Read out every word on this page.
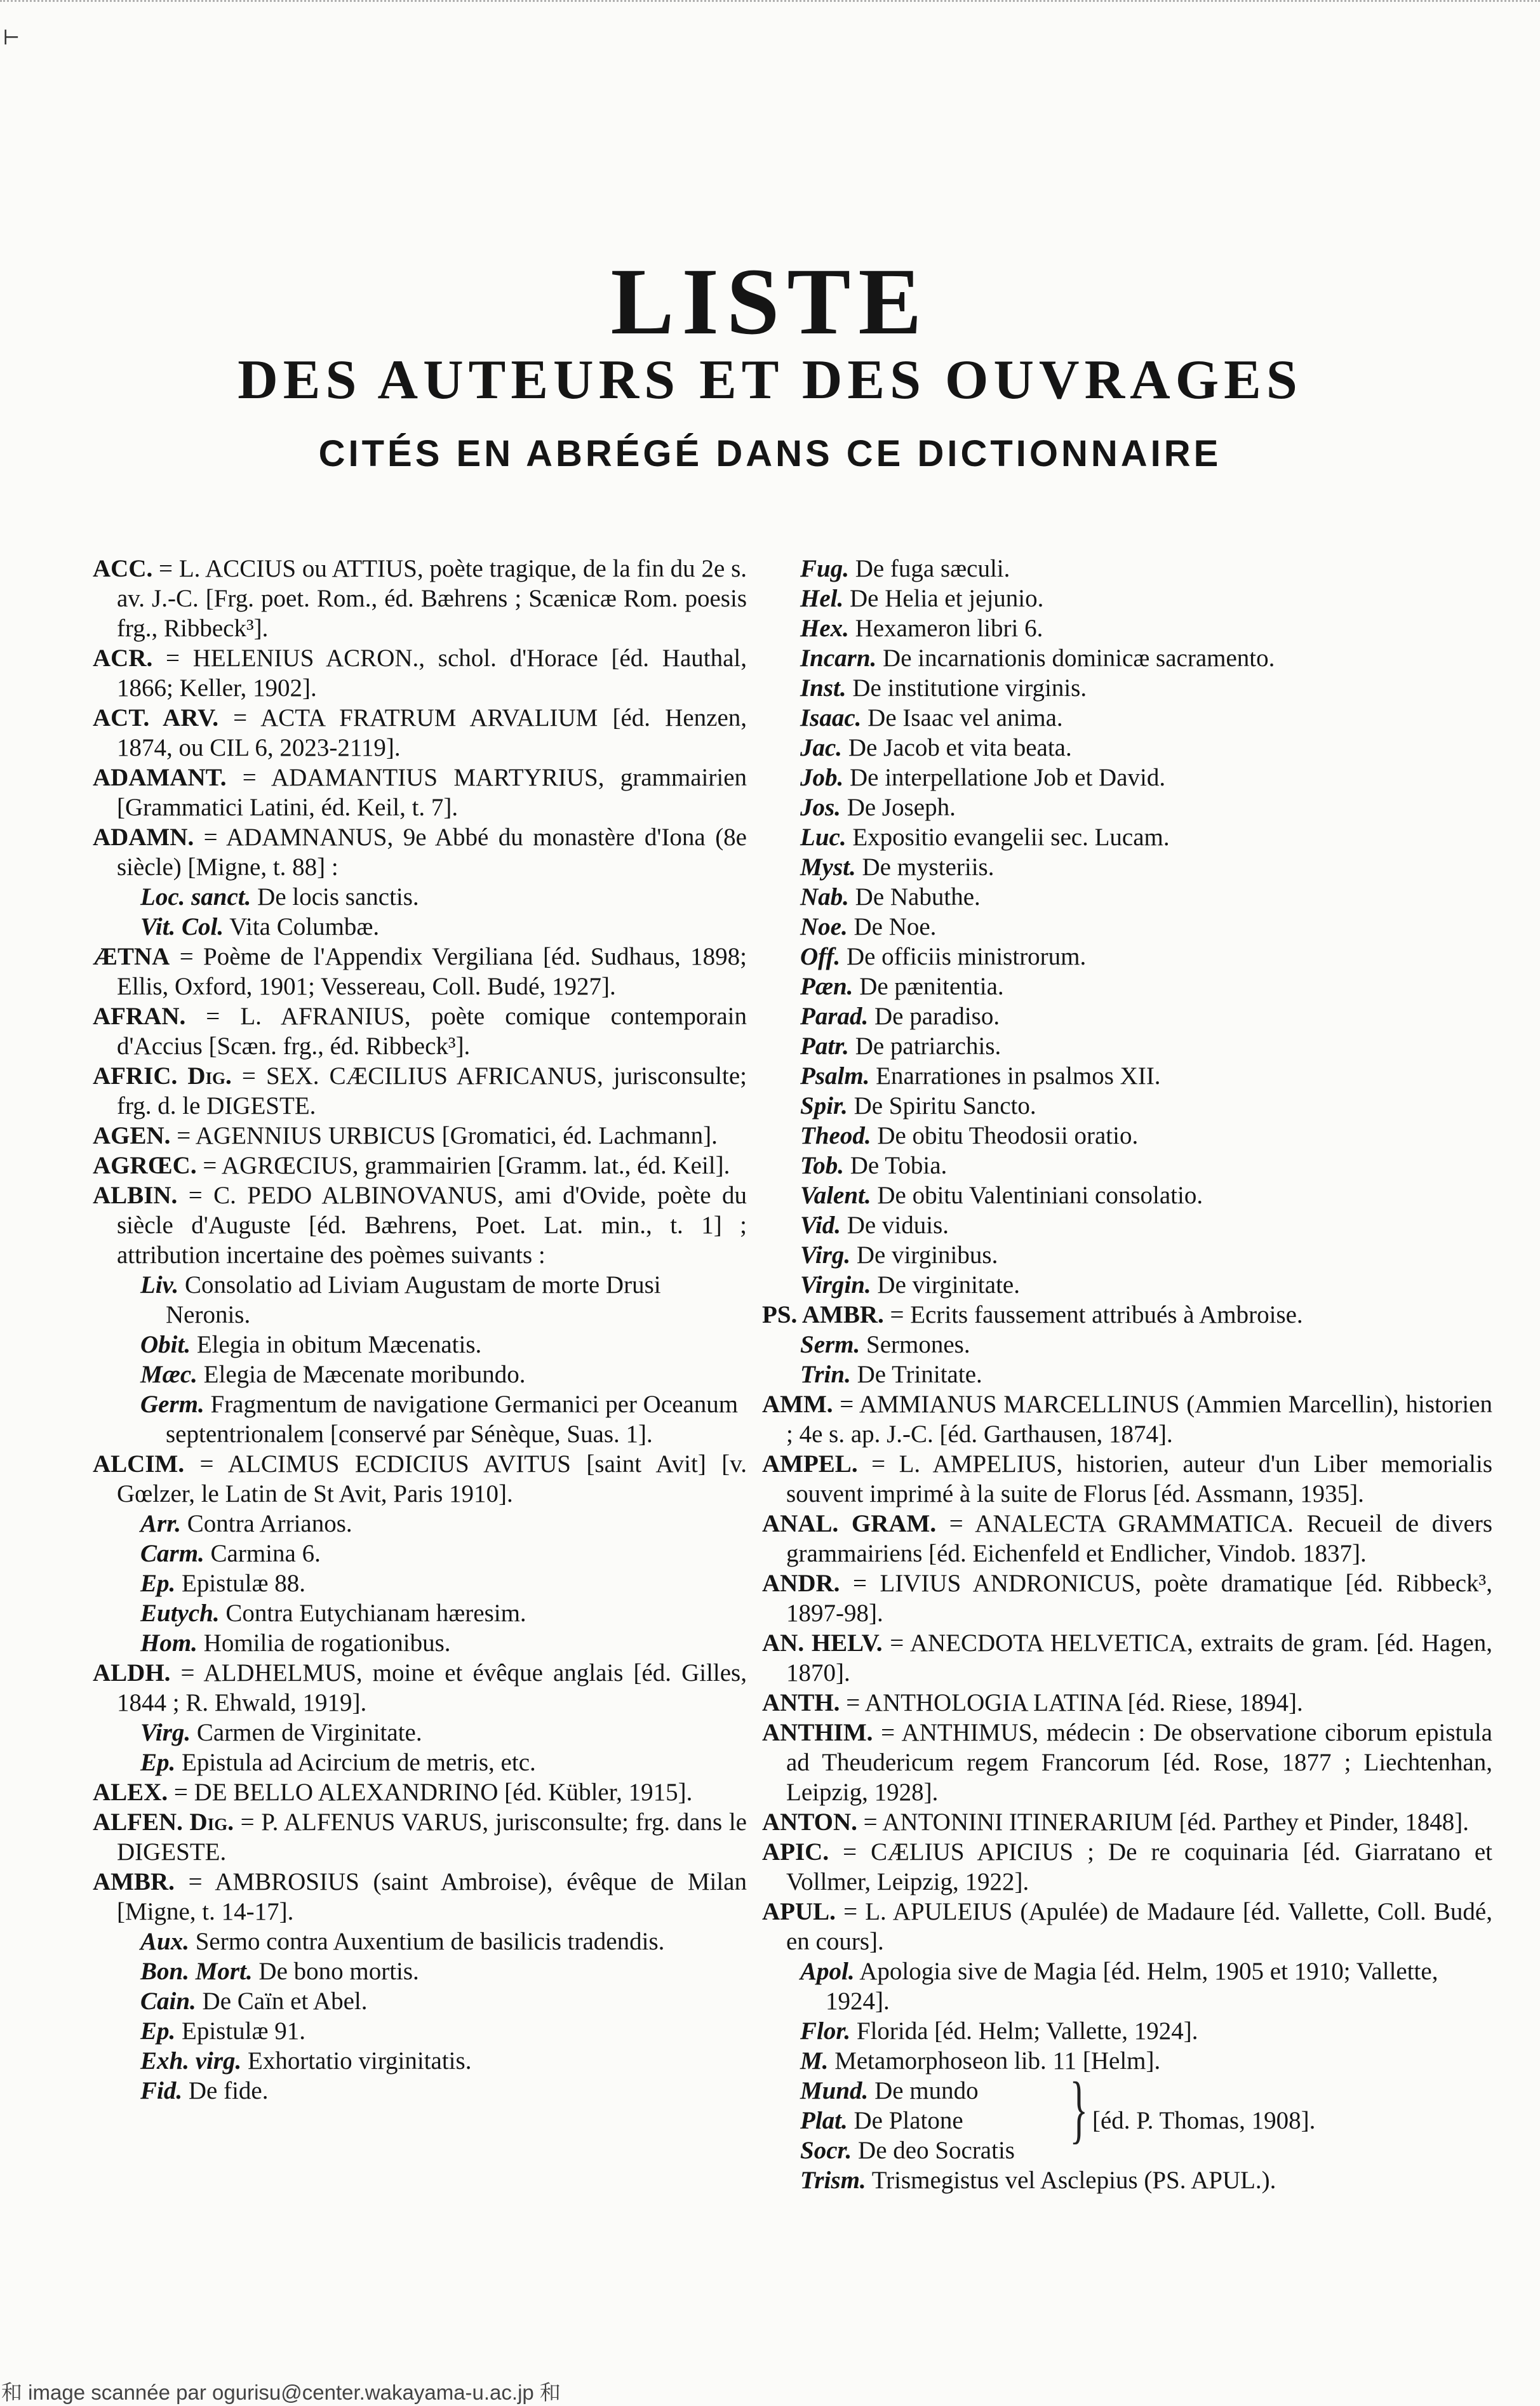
⊢
LISTE
DES AUTEURS ET DES OUVRAGES
CITÉS EN ABRÉGÉ DANS CE DICTIONNAIRE

ACC. = L. ACCIUS ou ATTIUS, poète tragique, de la fin du 2e s. av. J.-C. [Frg. poet. Rom., éd. Bæhrens ; Scænicæ Rom. poesis frg., Ribbeck³].

ACR. = HELENIUS ACRON., schol. d'Horace [éd. Hauthal, 1866; Keller, 1902].

ACT. ARV. = ACTA FRATRUM ARVALIUM [éd. Henzen, 1874, ou CIL 6, 2023-2119].

ADAMANT. = ADAMANTIUS MARTYRIUS, grammairien [Grammatici Latini, éd. Keil, t. 7].

ADAMN. = ADAMNANUS, 9e Abbé du monastère d'Iona (8e siècle) [Migne, t. 88] :

Loc. sanct. De locis sanctis.

Vit. Col. Vita Columbæ.

ÆTNA = Poème de l'Appendix Vergiliana [éd. Sudhaus, 1898; Ellis, Oxford, 1901; Vessereau, Coll. Budé, 1927].

AFRAN. = L. AFRANIUS, poète comique contemporain d'Accius [Scæn. frg., éd. Ribbeck³].

AFRIC. Dig. = SEX. CÆCILIUS AFRICANUS, jurisconsulte; frg. d. le DIGESTE.

AGEN. = AGENNIUS URBICUS [Gromatici, éd. Lachmann].

AGRŒC. = AGRŒCIUS, grammairien [Gramm. lat., éd. Keil].

ALBIN. = C. PEDO ALBINOVANUS, ami d'Ovide, poète du siècle d'Auguste [éd. Bæhrens, Poet. Lat. min., t. 1] ; attribution incertaine des poèmes suivants :

Liv. Consolatio ad Liviam Augustam de morte Drusi Neronis.

Obit. Elegia in obitum Mæcenatis.

Mæc. Elegia de Mæcenate moribundo.

Germ. Fragmentum de navigatione Germanici per Oceanum septentrionalem [conservé par Sénèque, Suas. 1].

ALCIM. = ALCIMUS ECDICIUS AVITUS [saint Avit] [v. Gœlzer, le Latin de St Avit, Paris 1910].

Arr. Contra Arrianos.

Carm. Carmina 6.

Ep. Epistulæ 88.

Eutych. Contra Eutychianam hæresim.

Hom. Homilia de rogationibus.

ALDH. = ALDHELMUS, moine et évêque anglais [éd. Gilles, 1844 ; R. Ehwald, 1919].

Virg. Carmen de Virginitate.

Ep. Epistula ad Acircium de metris, etc.

ALEX. = DE BELLO ALEXANDRINO [éd. Kübler, 1915].

ALFEN. Dig. = P. ALFENUS VARUS, jurisconsulte; frg. dans le DIGESTE.

AMBR. = AMBROSIUS (saint Ambroise), évêque de Milan [Migne, t. 14-17].

Aux. Sermo contra Auxentium de basilicis tradendis.

Bon. Mort. De bono mortis.

Cain. De Caïn et Abel.

Ep. Epistulæ 91.

Exh. virg. Exhortatio virginitatis.

Fid. De fide.

Fug. De fuga sæculi.

Hel. De Helia et jejunio.

Hex. Hexameron libri 6.

Incarn. De incarnationis dominicæ sacramento.

Inst. De institutione virginis.

Isaac. De Isaac vel anima.

Jac. De Jacob et vita beata.

Job. De interpellatione Job et David.

Jos. De Joseph.

Luc. Expositio evangelii sec. Lucam.

Myst. De mysteriis.

Nab. De Nabuthe.

Noe. De Noe.

Off. De officiis ministrorum.

Pæn. De pænitentia.

Parad. De paradiso.

Patr. De patriarchis.

Psalm. Enarrationes in psalmos XII.

Spir. De Spiritu Sancto.

Theod. De obitu Theodosii oratio.

Tob. De Tobia.

Valent. De obitu Valentiniani consolatio.

Vid. De viduis.

Virg. De virginibus.

Virgin. De virginitate.

PS. AMBR. = Ecrits faussement attribués à Ambroise.

Serm. Sermones.

Trin. De Trinitate.

AMM. = AMMIANUS MARCELLINUS (Ammien Marcellin), historien ; 4e s. ap. J.-C. [éd. Garthausen, 1874].

AMPEL. = L. AMPELIUS, historien, auteur d'un Liber memorialis souvent imprimé à la suite de Florus [éd. Assmann, 1935].

ANAL. GRAM. = ANALECTA GRAMMATICA. Recueil de divers grammairiens [éd. Eichenfeld et Endlicher, Vindob. 1837].

ANDR. = LIVIUS ANDRONICUS, poète dramatique [éd. Ribbeck³, 1897-98].

AN. HELV. = ANECDOTA HELVETICA, extraits de gram. [éd. Hagen, 1870].

ANTH. = ANTHOLOGIA LATINA [éd. Riese, 1894].

ANTHIM. = ANTHIMUS, médecin : De observatione ciborum epistula ad Theudericum regem Francorum [éd. Rose, 1877 ; Liechtenhan, Leipzig, 1928].

ANTON. = ANTONINI ITINERARIUM [éd. Parthey et Pinder, 1848].

APIC. = CÆLIUS APICIUS ; De re coquinaria [éd. Giarratano et Vollmer, Leipzig, 1922].

APUL. = L. APULEIUS (Apulée) de Madaure [éd. Vallette, Coll. Budé, en cours].

Apol. Apologia sive de Magia [éd. Helm, 1905 et 1910; Vallette, 1924].

Flor. Florida [éd. Helm; Vallette, 1924].

M. Metamorphoseon lib. 11 [Helm].

Mund. De mundo

Plat. De Platone

Socr. De deo Socratis } [éd. P. Thomas, 1908].

Trism. Trismegistus vel Asclepius (PS. APUL.).

和 image scannée par ogurisu@center.wakayama-u.ac.jp 和
